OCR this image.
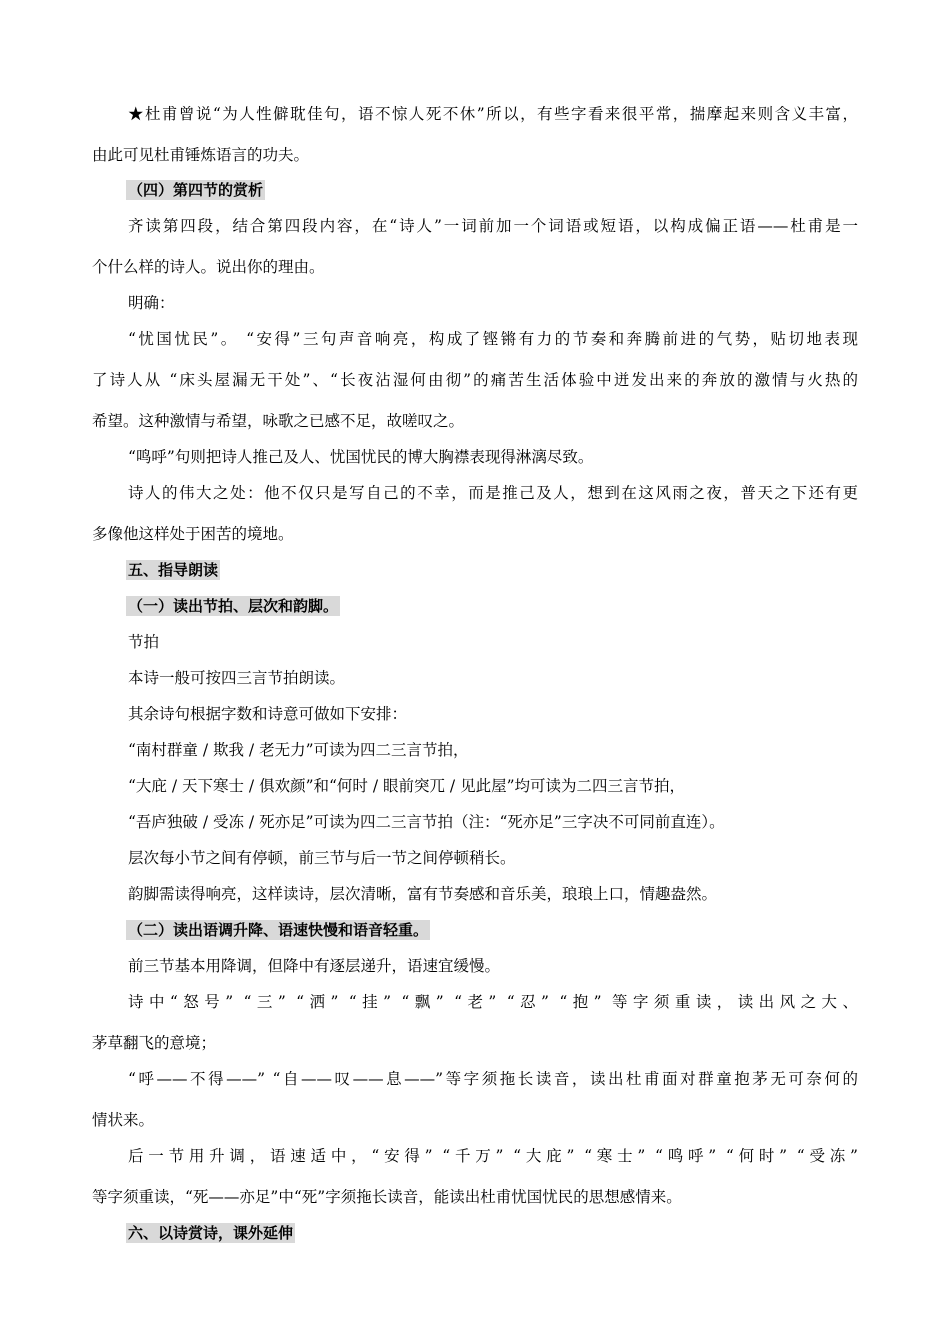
★杜甫曾说“为人性僻耽佳句，语不惊人死不休”所以，有些字看来很平常，揣摩起来则含义丰富，
由此可见杜甫锤炼语言的功夫。
（四）第四节的赏析
齐读第四段，结合第四段内容，在“诗人”一词前加一个词语或短语，以构成偏正语——杜甫是一
个什么样的诗人。说出你的理由。
明确：
“忧国忧民”。 “安得”三句声音响亮，构成了铿锵有力的节奏和奔腾前进的气势，贴切地表现
了诗人从 “床头屋漏无干处”、“长夜沾湿何由彻”的痛苦生活体验中迸发出来的奔放的激情与火热的
希望。这种激情与希望，咏歌之已感不足，故嗟叹之。
“鸣呼”句则把诗人推己及人、忧国忧民的博大胸襟表现得淋漓尽致。
诗人的伟大之处：他不仅只是写自己的不幸，而是推己及人，想到在这风雨之夜，普天之下还有更
多像他这样处于困苦的境地。
五、指导朗读
（一）读出节拍、层次和韵脚。
节拍
本诗一般可按四三言节拍朗读。
其余诗句根据字数和诗意可做如下安排：
“南村群童 / 欺我 / 老无力”可读为四二三言节拍，
“大庇 / 天下寒士 / 俱欢颜”和“何时 / 眼前突兀 / 见此屋”均可读为二四三言节拍，
“吾庐独破 / 受冻 / 死亦足”可读为四二三言节拍（注：“死亦足”三字决不可同前直连）。
层次每小节之间有停顿，前三节与后一节之间停顿稍长。
韵脚需读得响亮，这样读诗，层次清晰，富有节奏感和音乐美，琅琅上口，情趣盎然。
（二）读出语调升降、语速快慢和语音轻重。
前三节基本用降调，但降中有逐层递升，语速宜缓慢。
诗中“怒号” “三” “洒” “挂” “飘” “老” “忍” “抱” 等字须重读，读出风之大、
茅草翻飞的意境；
“呼——不得——” “自——叹——息——”等字须拖长读音，读出杜甫面对群童抱茅无可奈何的
情状来。
后一节用升调，语速适中，“安得” “千万” “大庇” “寒士” “鸣呼” “何时” “受冻”
等字须重读，“死——亦足”中“死”字须拖长读音，能读出杜甫忧国忧民的思想感情来。
六、以诗赏诗，课外延伸
